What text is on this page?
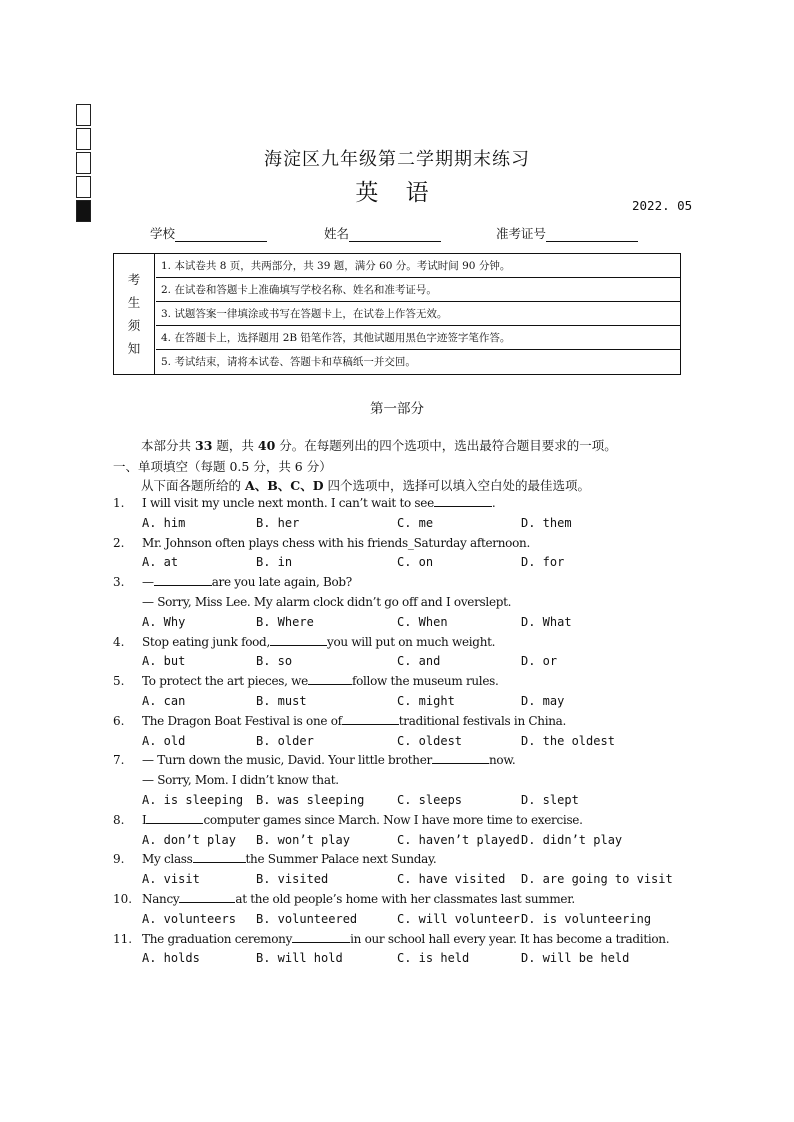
海淀区九年级第二学期期末练习
英 语	2022. 05
学校	姓名	准考证号
考
生
须
知
1. 本试卷共 8 页，共两部分，共 39 题，满分 60 分。考试时间 90 分钟。
2. 在试卷和答题卡上准确填写学校名称、姓名和准考证号。
3. 试题答案一律填涂或书写在答题卡上，在试卷上作答无效。
4. 在答题卡上，选择题用 2B 铅笔作答，其他试题用黑色字迹签字笔作答。
5. 考试结束，请将本试卷、答题卡和草稿纸一并交回。
第一部分
本部分共 33 题，共 40 分。在每题列出的四个选项中，选出最符合题目要求的一项。
一、单项填空（每题 0.5 分，共 6 分）
从下面各题所给的 A、B、C、D 四个选项中，选择可以填入空白处的最佳选项。
1. I will visit my uncle next month. I can’t wait to see	.
A. him	B. her	C. me	D. them
2. Mr. Johnson often plays chess with his friends_Saturday afternoon.
A. at	B. in	C. on	D. for
3. —	are you late again, Bob?
— Sorry, Miss Lee. My alarm clock didn’t go off and I overslept.
A. Why	B. Where	C. When	D. What
4. Stop eating junk food,	you will put on much weight.
A. but	B. so	C. and	D. or
5. To protect the art pieces, we	follow the museum rules.
A. can	B. must	C. might	D. may
6. The Dragon Boat Festival is one of	traditional festivals in China.
A. old	B. older	C. oldest	D. the oldest
7. — Turn down the music, David. Your little brother	now.
— Sorry, Mom. I didn’t know that.
A. is sleeping B. was sleeping	C. sleeps	D. slept
8. I	computer games since March. Now I have more time to exercise.
A. don’t play B. won’t play	C. haven’t played D. didn’t play
9. My class	the Summer Palace next Sunday.
A. visit	B. visited	C. have visited D. are going to visit
10. Nancy	at the old people’s home with her classmates last summer.
A. volunteers B. volunteered	C. will volunteer D. is volunteering
11. The graduation ceremony	in our school hall every year. It has become a tradition.
A. holds	B. will hold	C. is held	D. will be held
